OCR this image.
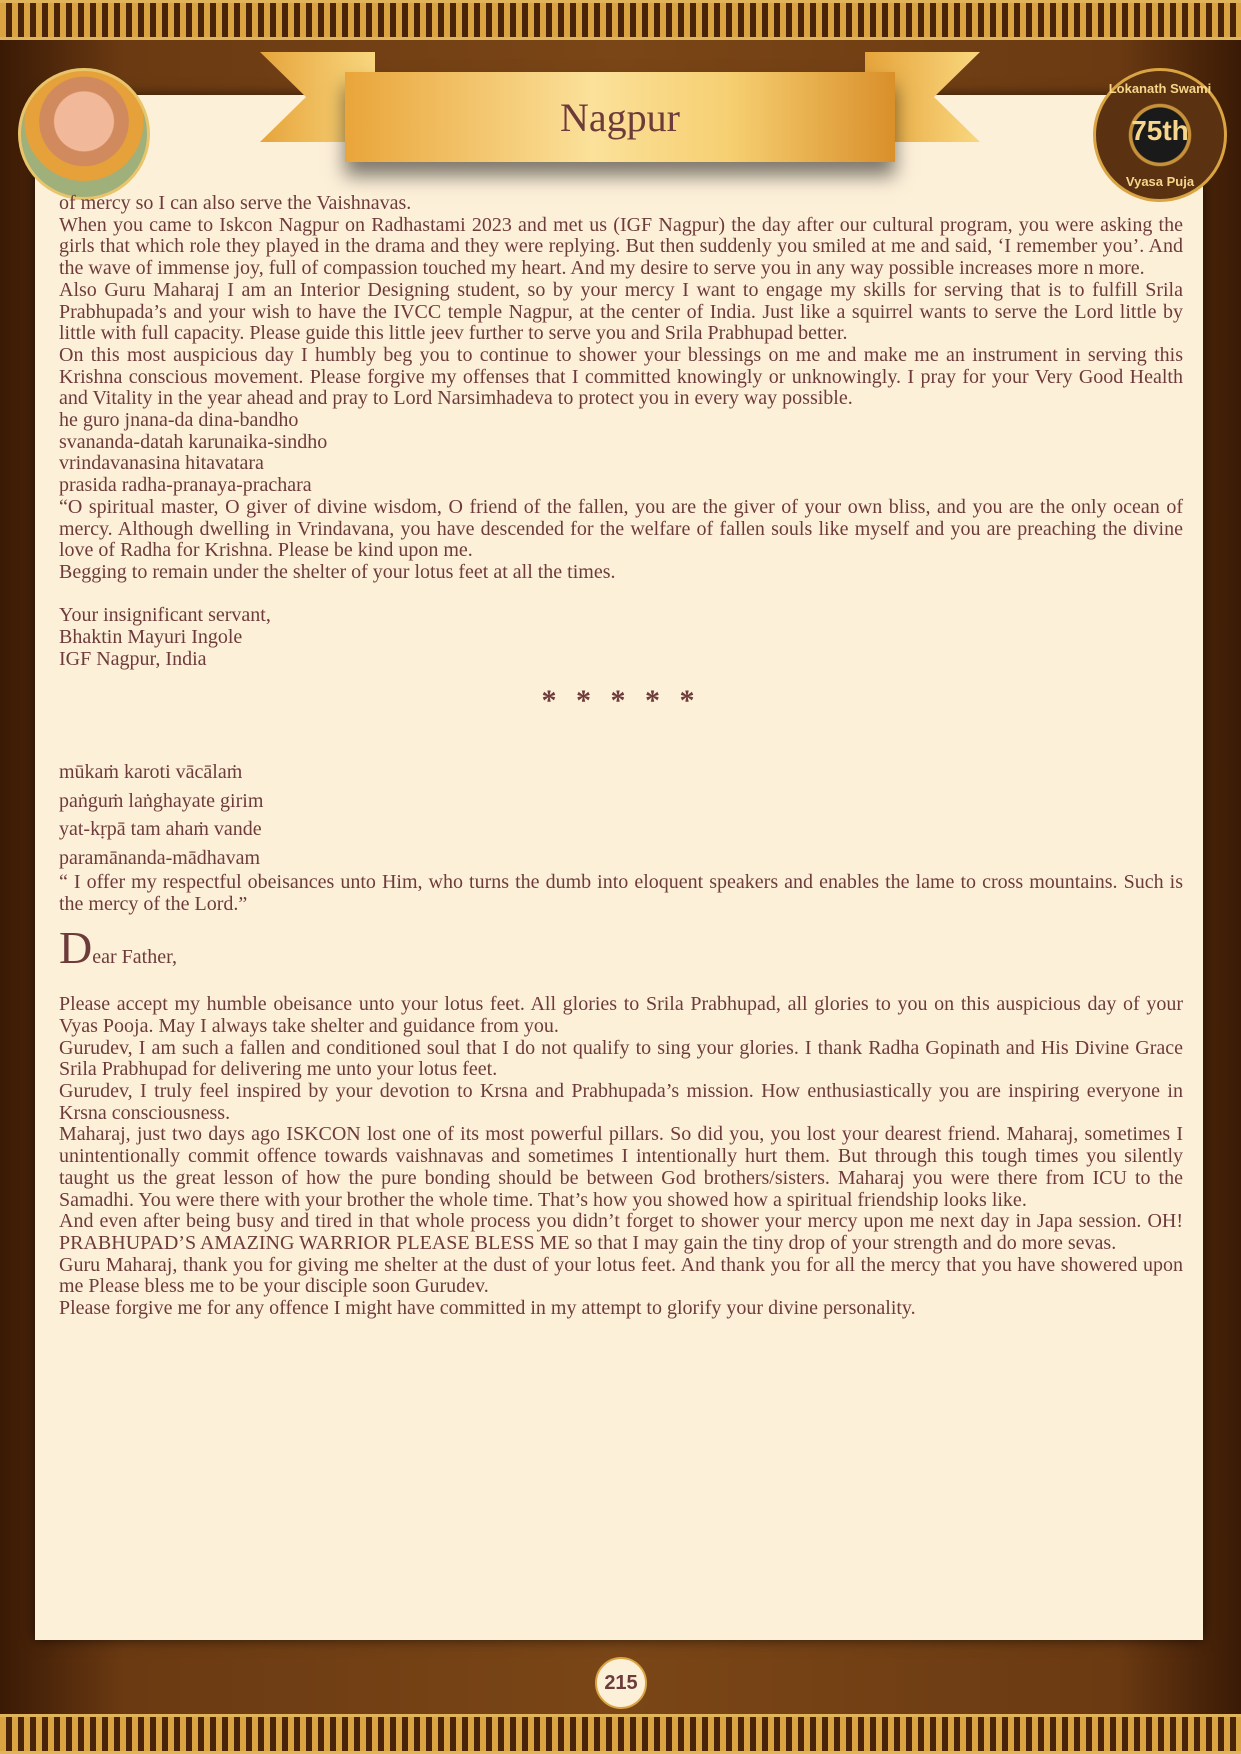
Nagpur
Lokanath Swami
75th
Vyasa Puja

of mercy so I can also serve the Vaishnavas.

When you came to Iskcon Nagpur on Radhastami 2023 and met us (IGF Nagpur) the day after our cultural program, you were asking the girls that which role they played in the drama and they were replying. But then suddenly you smiled at me and said, ‘I remember you’. And the wave of immense joy, full of compassion touched my heart. And my desire to serve you in any way possible increases more n more.

Also Guru Maharaj I am an Interior Designing student, so by your mercy I want to engage my skills for serving that is to fulfill Srila Prabhupada’s and your wish to have the IVCC temple Nagpur, at the center of India. Just like a squirrel wants to serve the Lord little by little with full capacity. Please guide this little jeev further to serve you and Srila Prabhupad better.

On this most auspicious day I humbly beg you to continue to shower your blessings on me and make me an instrument in serving this Krishna conscious movement. Please forgive my offenses that I committed knowingly or unknowingly. I pray for your Very Good Health and Vitality in the year ahead and pray to Lord Narsimhadeva to protect you in every way possible.

he guro jnana-da dina-bandho

svananda-datah karunaika-sindho

vrindavanasina hitavatara

prasida radha-pranaya-prachara

“O spiritual master, O giver of divine wisdom, O friend of the fallen, you are the giver of your own bliss, and you are the only ocean of mercy. Although dwelling in Vrindavana, you have descended for the welfare of fallen souls like myself and you are preaching the divine love of Radha for Krishna. Please be kind upon me.

Begging to remain under the shelter of your lotus feet at all the times.

Your insignificant servant,

Bhaktin Mayuri Ingole

IGF Nagpur, India

* * * * *

mūkaṁ karoti vācālaṁ

paṅguṁ laṅghayate girim

yat-kṛpā tam ahaṁ vande

paramānanda-mādhavam

“ I offer my respectful obeisances unto Him, who turns the dumb into eloquent speakers and enables the lame to cross mountains. Such is the mercy of the Lord.”

Dear Father,

Please accept my humble obeisance unto your lotus feet. All glories to Srila Prabhupad, all glories to you on this auspicious day of your Vyas Pooja. May I always take shelter and guidance from you.

Gurudev, I am such a fallen and conditioned soul that I do not qualify to sing your glories. I thank Radha Gopinath and His Divine Grace Srila Prabhupad for delivering me unto your lotus feet.

Gurudev, I truly feel inspired by your devotion to Krsna and Prabhupada’s mission. How enthusiastically you are inspiring everyone in Krsna consciousness.

Maharaj, just two days ago ISKCON lost one of its most powerful pillars. So did you, you lost your dearest friend. Maharaj, sometimes I unintentionally commit offence towards vaishnavas and sometimes I intentionally hurt them. But through this tough times you silently taught us the great lesson of how the pure bonding should be between God brothers/sisters. Maharaj you were there from ICU to the Samadhi. You were there with your brother the whole time. That’s how you showed how a spiritual friendship looks like.

And even after being busy and tired in that whole process you didn’t forget to shower your mercy upon me next day in Japa session. OH! PRABHUPAD’S AMAZING WARRIOR PLEASE BLESS ME so that I may gain the tiny drop of your strength and do more sevas.

Guru Maharaj, thank you for giving me shelter at the dust of your lotus feet. And thank you for all the mercy that you have showered upon me Please bless me to be your disciple soon Gurudev.

Please forgive me for any offence I might have committed in my attempt to glorify your divine personality.

215
